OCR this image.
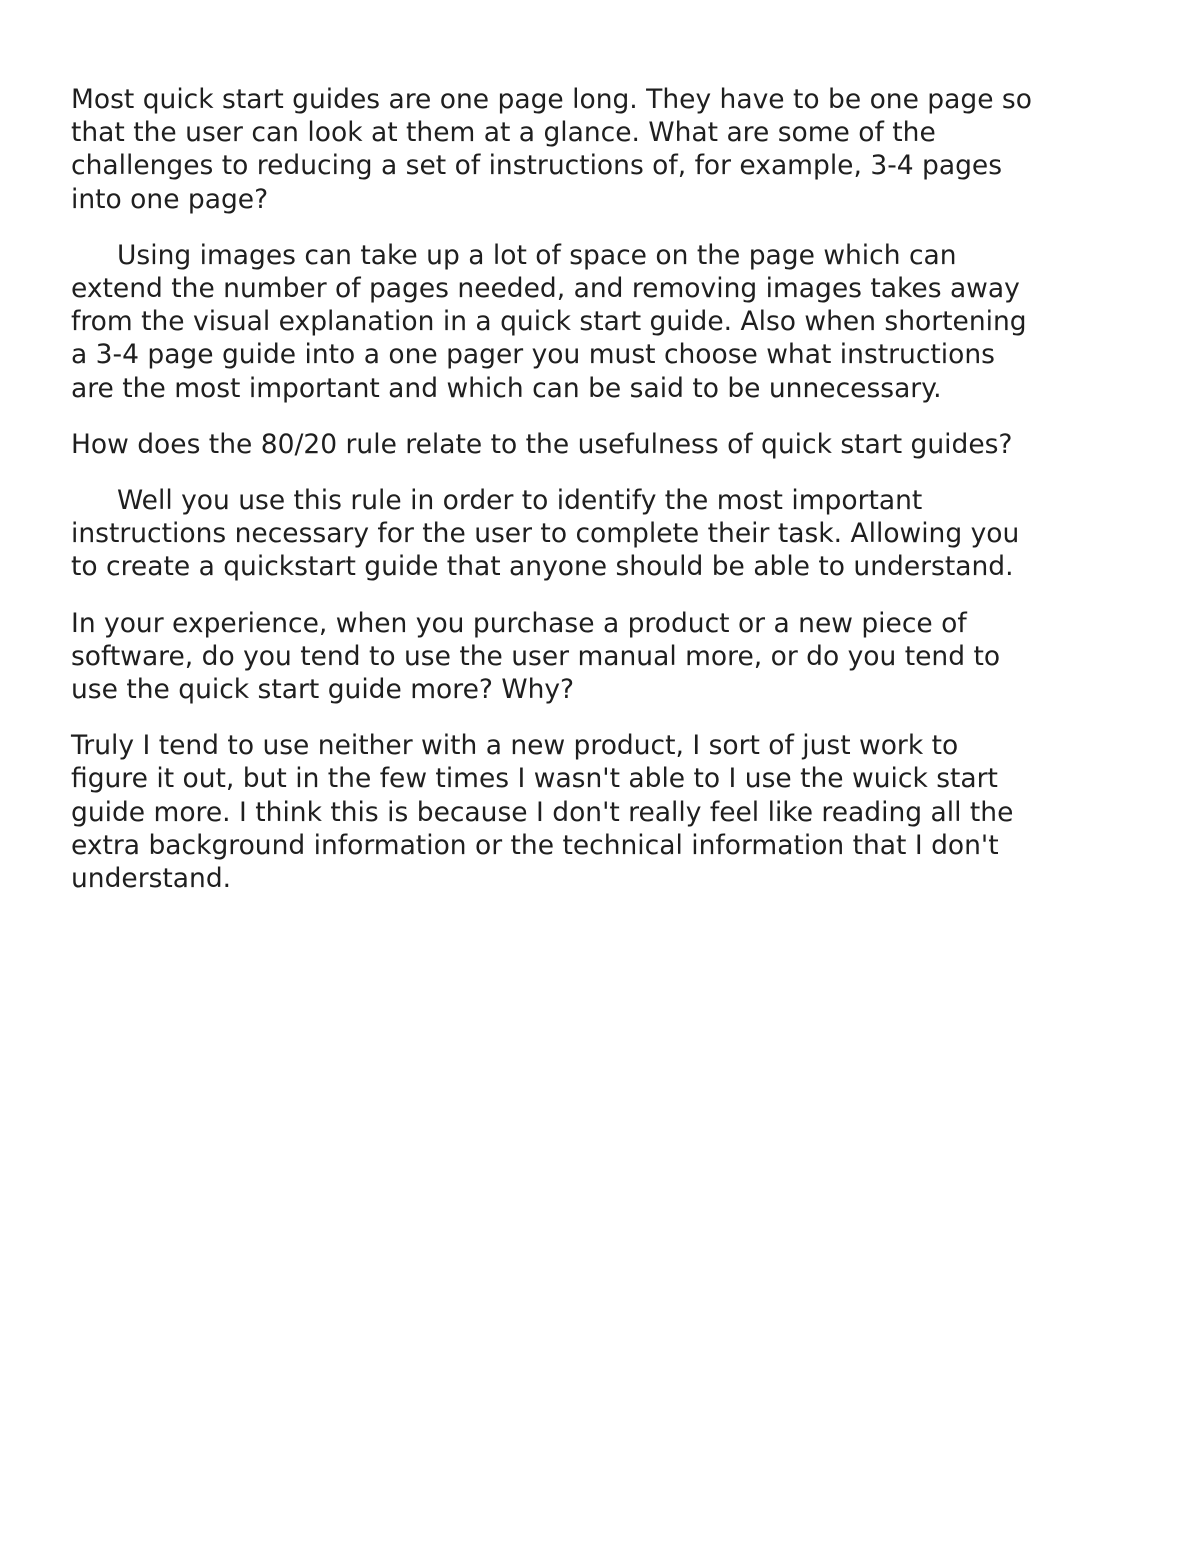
Most quick start guides are one page long. They have to be one page so
that the user can look at them at a glance. What are some of the
challenges to reducing a set of instructions of, for example, 3-4 pages
into one page?

Using images can take up a lot of space on the page which can
extend the number of pages needed, and removing images takes away
from the visual explanation in a quick start guide. Also when shortening
a 3-4 page guide into a one pager you must choose what instructions
are the most important and which can be said to be unnecessary.

How does the 80/20 rule relate to the usefulness of quick start guides?

Well you use this rule in order to identify the most important
instructions necessary for the user to complete their task. Allowing you
to create a quickstart guide that anyone should be able to understand.

In your experience, when you purchase a product or a new piece of
software, do you tend to use the user manual more, or do you tend to
use the quick start guide more? Why?

Truly I tend to use neither with a new product, I sort of just work to
figure it out, but in the few times I wasn't able to I use the wuick start
guide more. I think this is because I don't really feel like reading all the
extra background information or the technical information that I don't
understand.
